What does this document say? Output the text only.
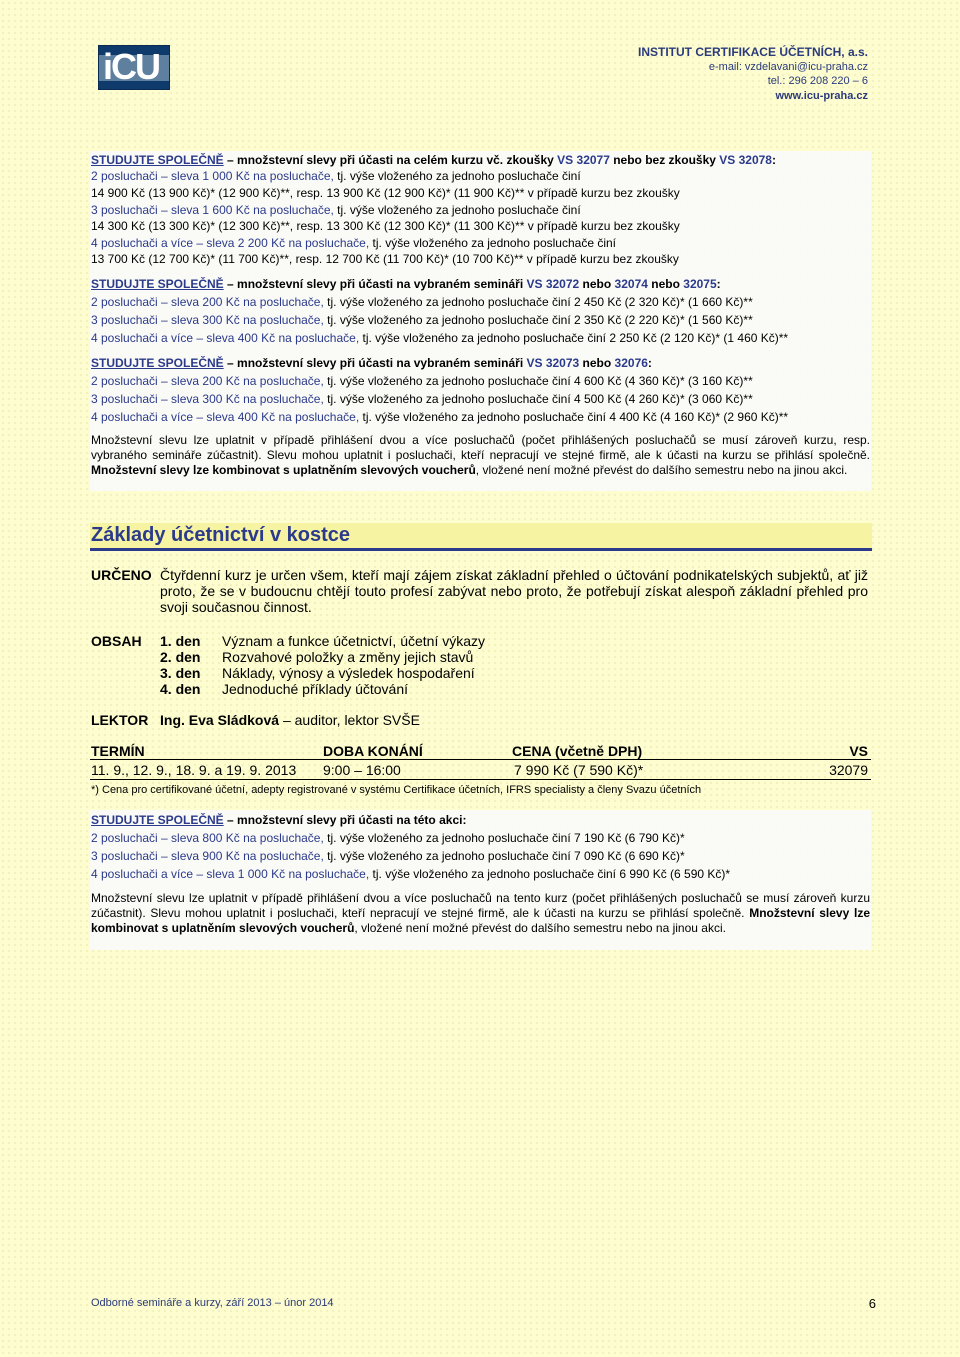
iCU	INSTITUT CERTIFIKACE ÚČETNÍCH, a.s.
e-mail: vzdelavani@icu-praha.cz
tel.: 296 208 220 – 6
www.icu-praha.cz
STUDUJTE SPOLEČNĚ – množstevní slevy při účasti na celém kurzu vč. zkoušky VS 32077 nebo bez zkoušky VS 32078:
2 posluchači – sleva 1 000 Kč na posluchače, tj. výše vloženého za jednoho posluchače činí
14 900 Kč (13 900 Kč)* (12 900 Kč)**, resp. 13 900 Kč (12 900 Kč)* (11 900 Kč)** v případě kurzu bez zkoušky
3 posluchači – sleva 1 600 Kč na posluchače, tj. výše vloženého za jednoho posluchače činí
14 300 Kč (13 300 Kč)* (12 300 Kč)**, resp. 13 300 Kč (12 300 Kč)* (11 300 Kč)** v případě kurzu bez zkoušky
4 posluchači a více – sleva 2 200 Kč na posluchače, tj. výše vloženého za jednoho posluchače činí
13 700 Kč (12 700 Kč)* (11 700 Kč)**, resp. 12 700 Kč (11 700 Kč)* (10 700 Kč)** v případě kurzu bez zkoušky
STUDUJTE SPOLEČNĚ – množstevní slevy při účasti na vybraném semináři VS 32072 nebo 32074 nebo 32075:
2 posluchači – sleva 200 Kč na posluchače, tj. výše vloženého za jednoho posluchače činí 2 450 Kč (2 320 Kč)* (1 660 Kč)**
3 posluchači – sleva 300 Kč na posluchače, tj. výše vloženého za jednoho posluchače činí 2 350 Kč (2 220 Kč)* (1 560 Kč)**
4 posluchači a více – sleva 400 Kč na posluchače, tj. výše vloženého za jednoho posluchače činí 2 250 Kč (2 120 Kč)* (1 460 Kč)**
STUDUJTE SPOLEČNĚ – množstevní slevy při účasti na vybraném semináři VS 32073 nebo 32076:
2 posluchači – sleva 200 Kč na posluchače, tj. výše vloženého za jednoho posluchače činí 4 600 Kč (4 360 Kč)* (3 160 Kč)**
3 posluchači – sleva 300 Kč na posluchače, tj. výše vloženého za jednoho posluchače činí 4 500 Kč (4 260 Kč)* (3 060 Kč)**
4 posluchači a více – sleva 400 Kč na posluchače, tj. výše vloženého za jednoho posluchače činí 4 400 Kč (4 160 Kč)* (2 960 Kč)**
Množstevní slevu lze uplatnit v případě přihlášení dvou a více posluchačů (počet přihlášených posluchačů se musí zároveň kurzu, resp. vybraného semináře zúčastnit). Slevu mohou uplatnit i posluchači, kteří nepracují ve stejné firmě, ale k účasti na kurzu se přihlásí společně. Množstevní slevy lze kombinovat s uplatněním slevových voucherů, vložené není možné převést do dalšího semestru nebo na jinou akci.
Základy účetnictví v kostce
URČENO Čtyřdenní kurz je určen všem, kteří mají zájem získat základní přehled o účtování podnikatelských subjektů, ať již proto, že se v budoucnu chtějí touto profesí zabývat nebo proto, že potřebují získat alespoň základní přehled pro svoji současnou činnost.
OBSAH 1. den Význam a funkce účetnictví, účetní výkazy
2. den Rozvahové položky a změny jejich stavů
3. den Náklady, výnosy a výsledek hospodaření
4. den Jednoduché příklady účtování
LEKTOR Ing. Eva Sládková – auditor, lektor SVŠE
TERMÍN	DOBA KONÁNÍ	CENA (včetně DPH)	VS
11. 9., 12. 9., 18. 9. a 19. 9. 2013 9:00 – 16:00	7 990 Kč (7 590 Kč)*	32079
*) Cena pro certifikované účetní, adepty registrované v systému Certifikace účetních, IFRS specialisty a členy Svazu účetních
STUDUJTE SPOLEČNĚ – množstevní slevy při účasti na této akci:
2 posluchači – sleva 800 Kč na posluchače, tj. výše vloženého za jednoho posluchače činí 7 190 Kč (6 790 Kč)*
3 posluchači – sleva 900 Kč na posluchače, tj. výše vloženého za jednoho posluchače činí 7 090 Kč (6 690 Kč)*
4 posluchači a více – sleva 1 000 Kč na posluchače, tj. výše vloženého za jednoho posluchače činí 6 990 Kč (6 590 Kč)*
Množstevní slevu lze uplatnit v případě přihlášení dvou a více posluchačů na tento kurz (počet přihlášených posluchačů se musí zároveň kurzu zúčastnit). Slevu mohou uplatnit i posluchači, kteří nepracují ve stejné firmě, ale k účasti na kurzu se přihlásí společně. Množstevní slevy lze kombinovat s uplatněním slevových voucherů, vložené není možné převést do dalšího semestru nebo na jinou akci.
Odborné semináře a kurzy, září 2013 – únor 2014	6
